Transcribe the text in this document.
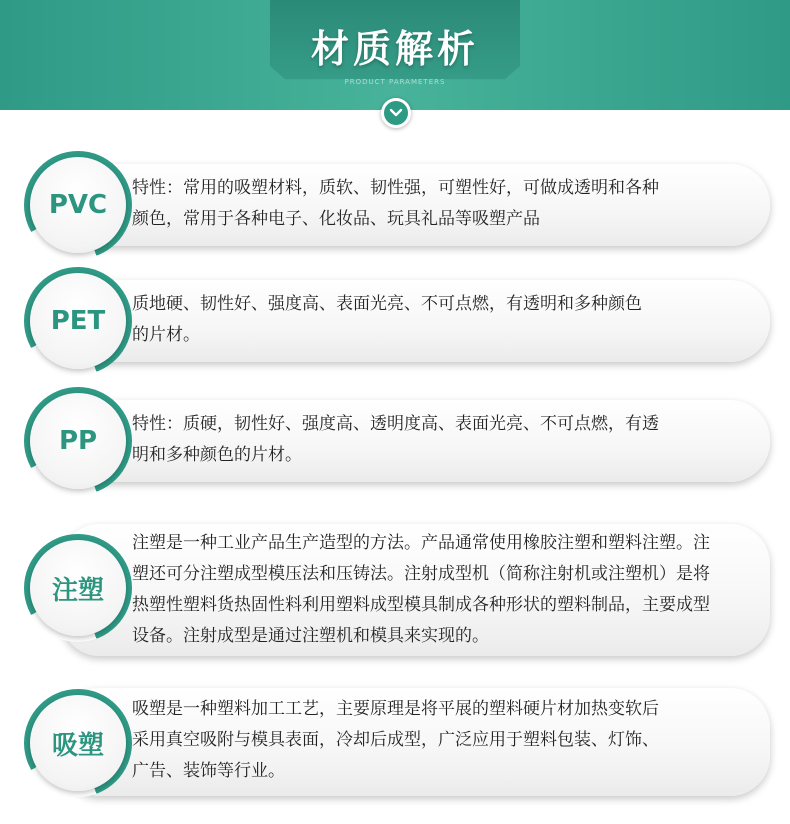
材质解析
PRODUCT PARAMETERS
特性：常用的吸塑材料，质软、韧性强，可塑性好，可做成透明和各种
颜色，常用于各种电子、化妆品、玩具礼品等吸塑产品
PVC
质地硬、韧性好、强度高、表面光亮、不可点燃，有透明和多种颜色
的片材。
PET
特性：质硬，韧性好、强度高、透明度高、表面光亮、不可点燃，有透
明和多种颜色的片材。
PP
注塑是一种工业产品生产造型的方法。产品通常使用橡胶注塑和塑料注塑。注
塑还可分注塑成型模压法和压铸法。注射成型机（简称注射机或注塑机）是将
热塑性塑料货热固性料利用塑料成型模具制成各种形状的塑料制品，主要成型
设备。注射成型是通过注塑机和模具来实现的。
注塑
吸塑是一种塑料加工工艺，主要原理是将平展的塑料硬片材加热变软后
采用真空吸附与模具表面，冷却后成型，广泛应用于塑料包装、灯饰、
广告、装饰等行业。
吸塑
